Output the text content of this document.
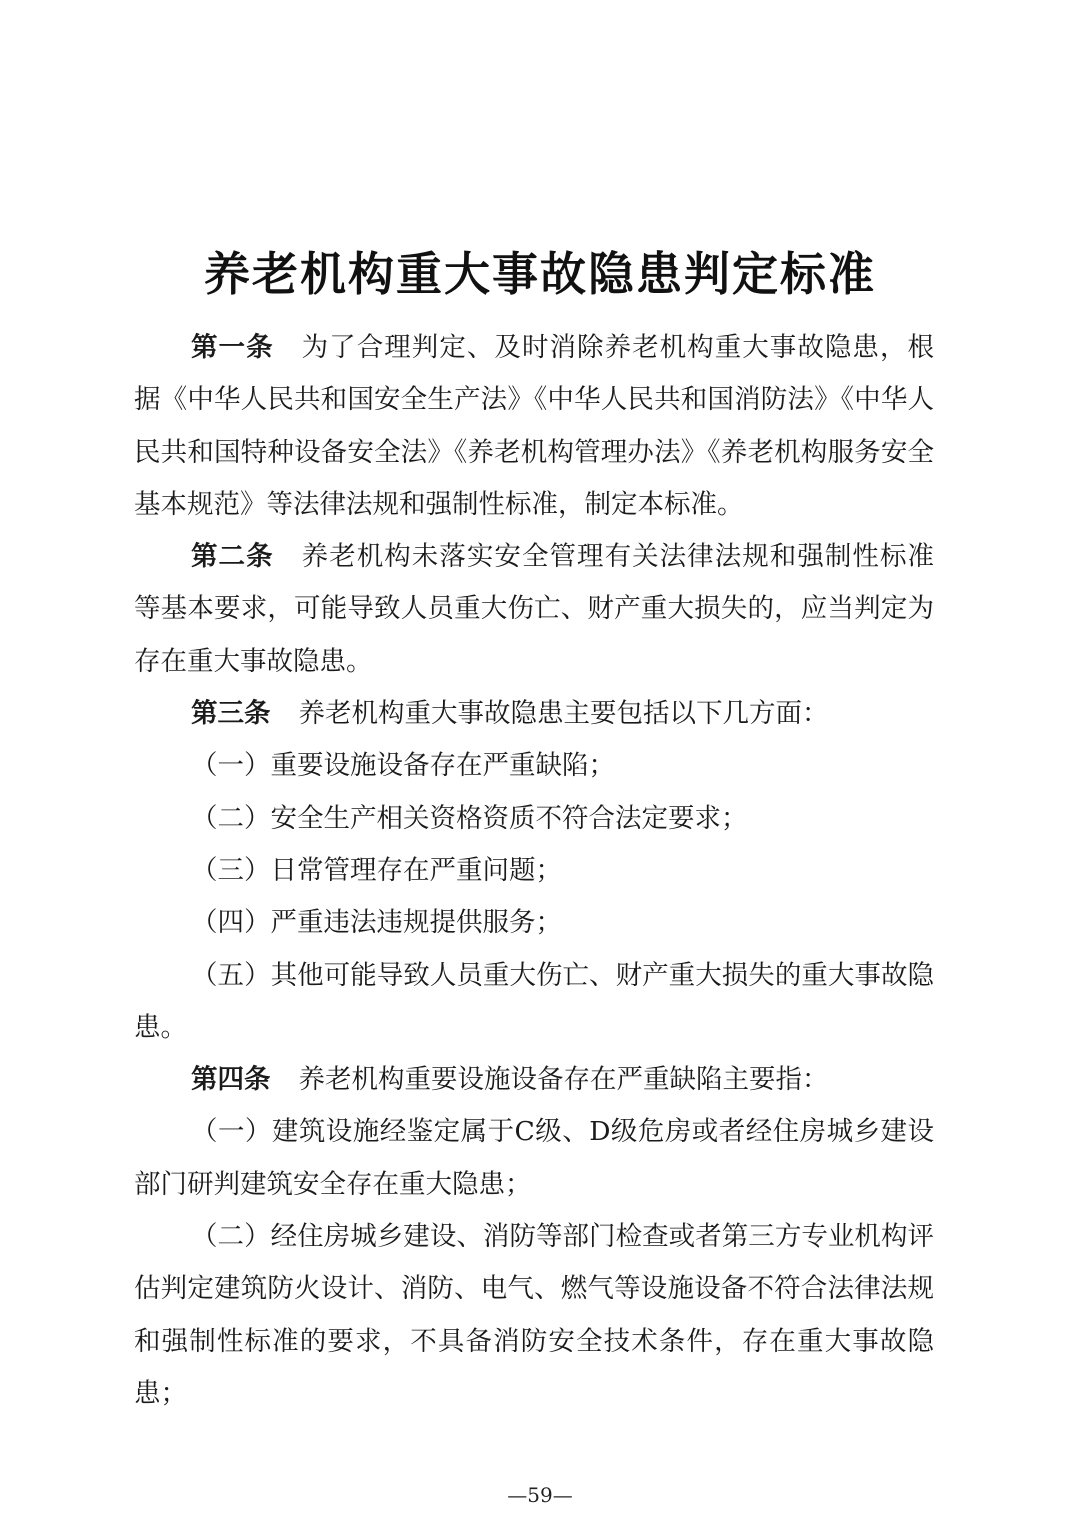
养老机构重大事故隐患判定标准

第一条 为了合理判定、及时消除养老机构重大事故隐患，根据《中华人民共和国安全生产法》《中华人民共和国消防法》《中华人民共和国特种设备安全法》《养老机构管理办法》《养老机构服务安全基本规范》等法律法规和强制性标准，制定本标准。

第二条 养老机构未落实安全管理有关法律法规和强制性标准等基本要求，可能导致人员重大伤亡、财产重大损失的，应当判定为存在重大事故隐患。

第三条 养老机构重大事故隐患主要包括以下几方面：

（一）重要设施设备存在严重缺陷；

（二）安全生产相关资格资质不符合法定要求；

（三）日常管理存在严重问题；

（四）严重违法违规提供服务；

（五）其他可能导致人员重大伤亡、财产重大损失的重大事故隐患。

第四条 养老机构重要设施设备存在严重缺陷主要指：

（一）建筑设施经鉴定属于C级、D级危房或者经住房城乡建设部门研判建筑安全存在重大隐患；

（二）经住房城乡建设、消防等部门检查或者第三方专业机构评估判定建筑防火设计、消防、电气、燃气等设施设备不符合法律法规和强制性标准的要求，不具备消防安全技术条件，存在重大事故隐患；

—59—
